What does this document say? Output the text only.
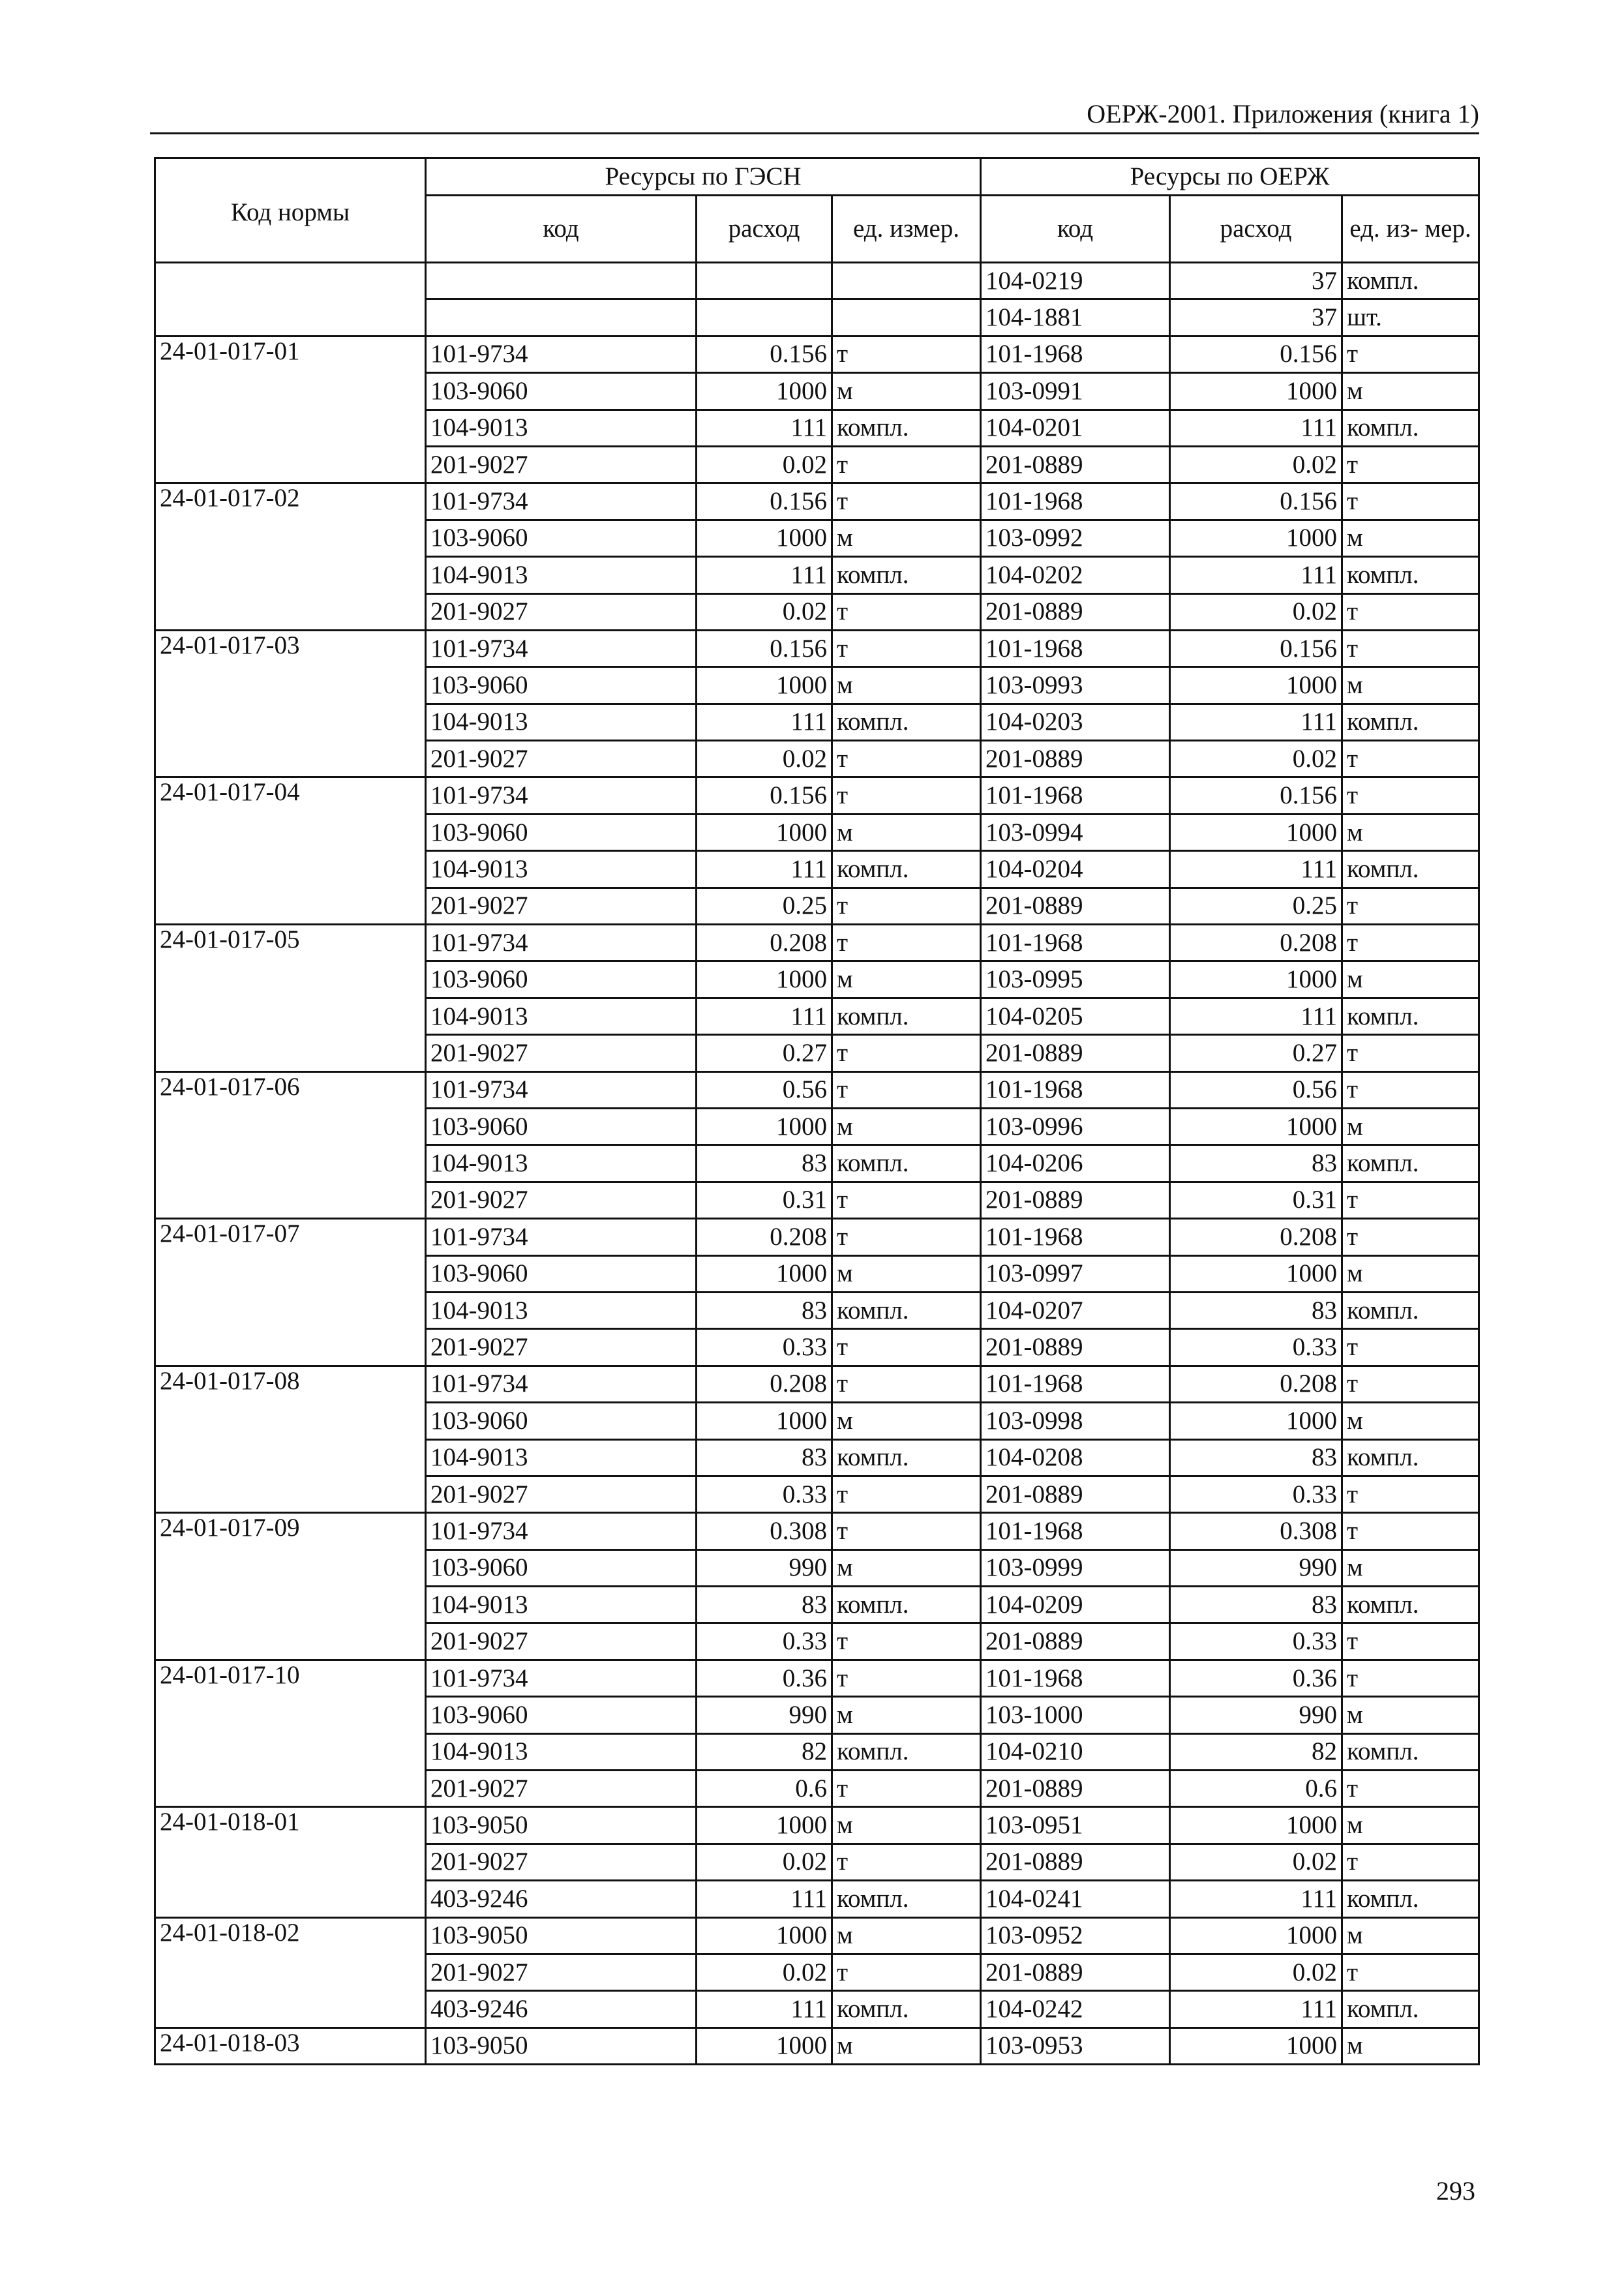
ОЕРЖ-2001. Приложения (книга 1)
Код нормы	Ресурсы по ГЭСН			Ресурсы по ОЕРЖ		
	код	расход	ед. измер.	код	расход	ед. из- мер.
				104-0219	37	компл.
				104-1881	37	шт.
24-01-017-01	101-9734	0.156	т	101-1968	0.156	т
	103-9060	1000	м	103-0991	1000	м
	104-9013	111	компл.	104-0201	111	компл.
	201-9027	0.02	т	201-0889	0.02	т
24-01-017-02	101-9734	0.156	т	101-1968	0.156	т
	103-9060	1000	м	103-0992	1000	м
	104-9013	111	компл.	104-0202	111	компл.
	201-9027	0.02	т	201-0889	0.02	т
24-01-017-03	101-9734	0.156	т	101-1968	0.156	т
	103-9060	1000	м	103-0993	1000	м
	104-9013	111	компл.	104-0203	111	компл.
	201-9027	0.02	т	201-0889	0.02	т
24-01-017-04	101-9734	0.156	т	101-1968	0.156	т
	103-9060	1000	м	103-0994	1000	м
	104-9013	111	компл.	104-0204	111	компл.
	201-9027	0.25	т	201-0889	0.25	т
24-01-017-05	101-9734	0.208	т	101-1968	0.208	т
	103-9060	1000	м	103-0995	1000	м
	104-9013	111	компл.	104-0205	111	компл.
	201-9027	0.27	т	201-0889	0.27	т
24-01-017-06	101-9734	0.56	т	101-1968	0.56	т
	103-9060	1000	м	103-0996	1000	м
	104-9013	83	компл.	104-0206	83	компл.
	201-9027	0.31	т	201-0889	0.31	т
24-01-017-07	101-9734	0.208	т	101-1968	0.208	т
	103-9060	1000	м	103-0997	1000	м
	104-9013	83	компл.	104-0207	83	компл.
	201-9027	0.33	т	201-0889	0.33	т
24-01-017-08	101-9734	0.208	т	101-1968	0.208	т
	103-9060	1000	м	103-0998	1000	м
	104-9013	83	компл.	104-0208	83	компл.
	201-9027	0.33	т	201-0889	0.33	т
24-01-017-09	101-9734	0.308	т	101-1968	0.308	т
	103-9060	990	м	103-0999	990	м
	104-9013	83	компл.	104-0209	83	компл.
	201-9027	0.33	т	201-0889	0.33	т
24-01-017-10	101-9734	0.36	т	101-1968	0.36	т
	103-9060	990	м	103-1000	990	м
	104-9013	82	компл.	104-0210	82	компл.
	201-9027	0.6	т	201-0889	0.6	т
24-01-018-01	103-9050	1000	м	103-0951	1000	м
	201-9027	0.02	т	201-0889	0.02	т
	403-9246	111	компл.	104-0241	111	компл.
24-01-018-02	103-9050	1000	м	103-0952	1000	м
	201-9027	0.02	т	201-0889	0.02	т
	403-9246	111	компл.	104-0242	111	компл.
24-01-018-03	103-9050	1000	м	103-0953	1000	м
293
